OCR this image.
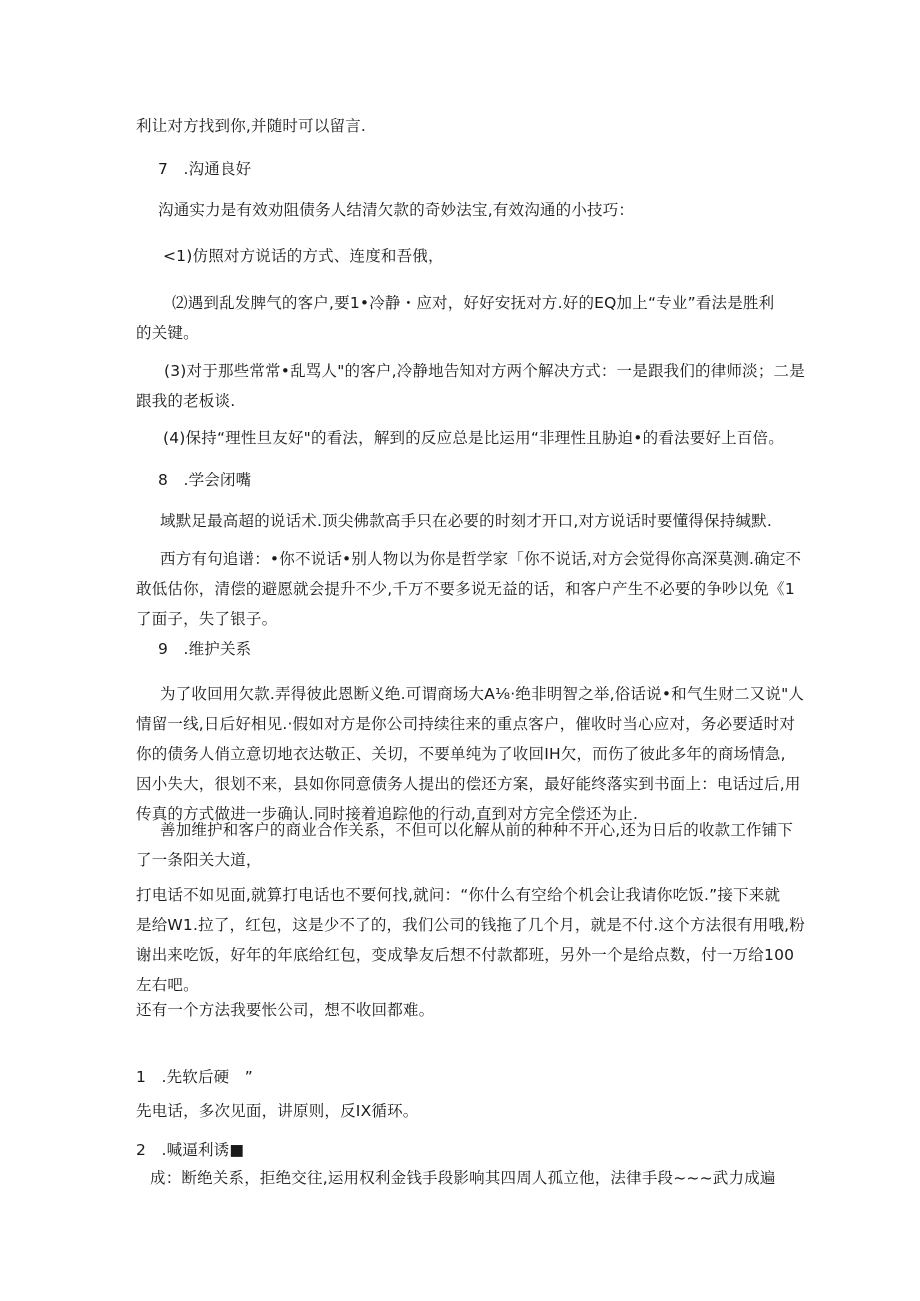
利让对方找到你,并随时可以留言.
7   .沟通良好
沟通实力是有效劝阻债务人结清欠款的奇妙法宝,有效沟通的小技巧：
<1)仿照对方说话的方式、连度和吾俄，
⑵遇到乱发脾气的客户,要1•冷静・应对，好好安抚对方.好的EQ加上“专业”看法是胜利
的关键。
(3)对于那些常常•乱骂人"的客户,冷静地告知对方两个解决方式：一是跟我们的律师淡；二是
跟我的老板谈.
(4)保持“理性旦友好"的看法，解到的反应总是比运用“非理性且胁迫•的看法要好上百倍。
8   .学会闭嘴
域默足最高超的说话术.顶尖佛款高手只在必要的时刻才开口,对方说话时要懂得保持缄默.
西方有句追谱：•你不说话•别人物以为你是哲学家「你不说话,对方会觉得你高深莫测.确定不
敢低估你，清偿的避愿就会提升不少,千万不要多说无益的话，和客户产生不必要的争吵以免《1
了面子，失了银子。
9   .维护关系
为了收回用欠款.弄得彼此恩断义绝.可谓商场大A⅛·绝非明智之举,俗话说•和气生财二又说"人
情留一线,日后好相见.·假如对方是你公司持续往来的重点客户，催收时当心应对，务必要适时对
你的债务人俏立意切地衣达敬正、关切，不要单纯为了收回IH欠，而伤了彼此多年的商场情急,
因小失大，很划不来，县如你同意债务人提出的偿还方案，最好能终落实到书面上：电话过后,用
传真的方式做进一步确认.同时接着追踪他的行动,直到对方完全偿还为止.
善加维护和客户的商业合作关系，不但可以化解从前的种种不开心,还为日后的收款工作铺下
了一条阳关大道，
打电话不如见面,就算打电话也不要何找,就问：“你什么有空给个机会让我请你吃饭.”接下来就
是给W1.拉了，红包，这是少不了的，我们公司的钱拖了几个月，就是不付.这个方法很有用哦,粉
谢出来吃饭，好年的年底给红包，变成挚友后想不付款都班，另外一个是给点数，付一万给100
左右吧。
还有一个方法我要怅公司，想不收回都难。
1   .先软后硬   ”
先电话，多次见面，讲原则，反IX循环。
2   .喊逼利诱■
成：断绝关系，拒绝交往,运用权利金钱手段影响其四周人孤立他，法律手段~~~武力成遍
